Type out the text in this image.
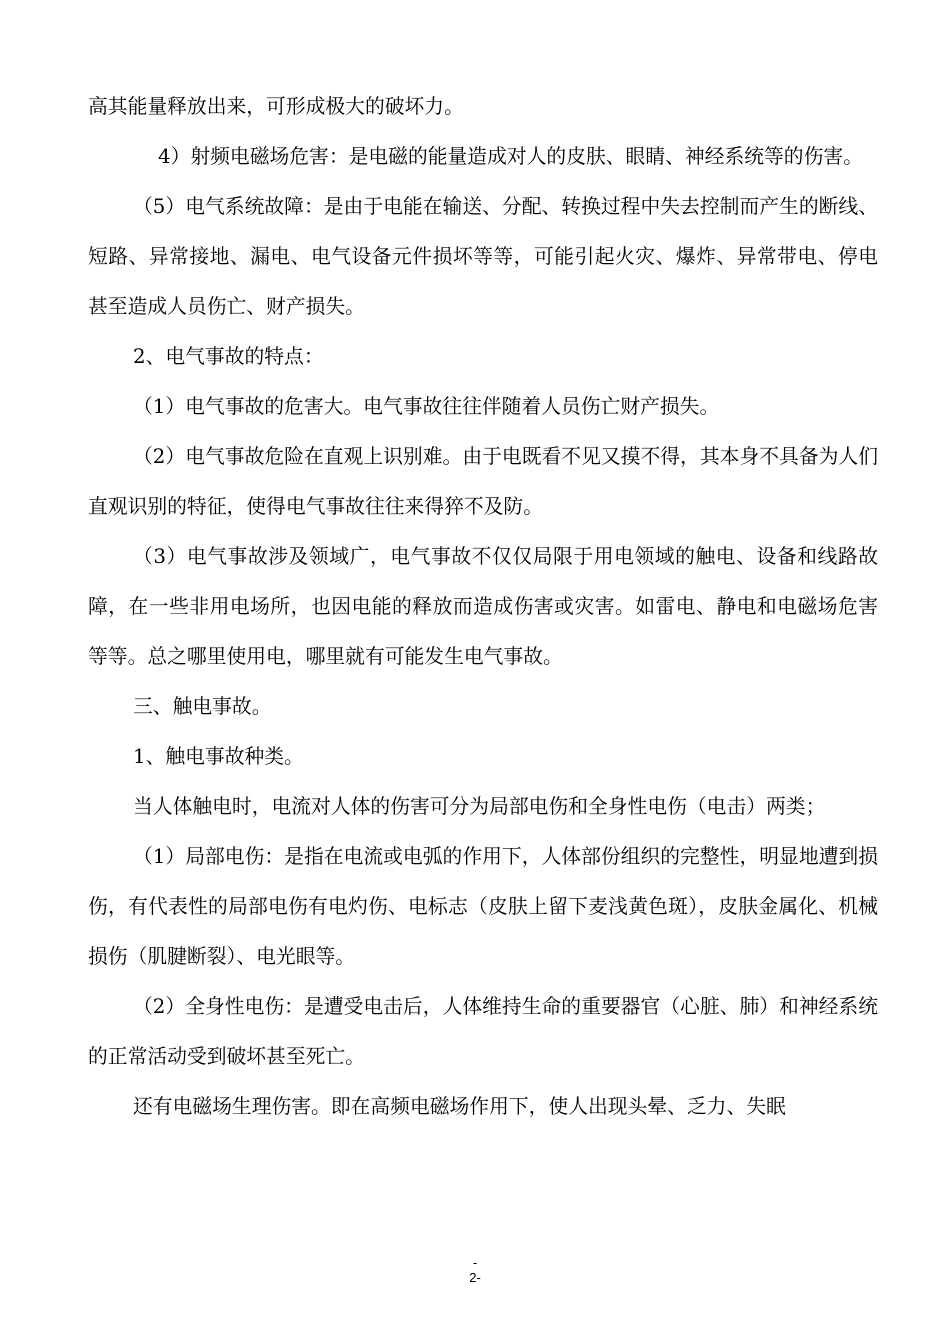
高其能量释放出来，可形成极大的破坏力。

4）射频电磁场危害：是电磁的能量造成对人的皮肤、眼睛、神经系统等的伤害。

（5）电气系统故障：是由于电能在输送、分配、转换过程中失去控制而产生的断线、短路、异常接地、漏电、电气设备元件损坏等等，可能引起火灾、爆炸、异常带电、停电甚至造成人员伤亡、财产损失。

2、电气事故的特点：

（1）电气事故的危害大。电气事故往往伴随着人员伤亡财产损失。

（2）电气事故危险在直观上识别难。由于电既看不见又摸不得，其本身不具备为人们直观识别的特征，使得电气事故往往来得猝不及防。

（3）电气事故涉及领域广，电气事故不仅仅局限于用电领域的触电、设备和线路故障，在一些非用电场所，也因电能的释放而造成伤害或灾害。如雷电、静电和电磁场危害等等。总之哪里使用电，哪里就有可能发生电气事故。

三、触电事故。

1、触电事故种类。

当人体触电时，电流对人体的伤害可分为局部电伤和全身性电伤（电击）两类；

（1）局部电伤：是指在电流或电弧的作用下，人体部份组织的完整性，明显地遭到损伤，有代表性的局部电伤有电灼伤、电标志（皮肤上留下麦浅黄色斑），皮肤金属化、机械损伤（肌腱断裂）、电光眼等。

（2）全身性电伤：是遭受电击后，人体维持生命的重要器官（心脏、肺）和神经系统的正常活动受到破坏甚至死亡。

还有电磁场生理伤害。即在高频电磁场作用下，使人出现头晕、乏力、失眠

-
2-
